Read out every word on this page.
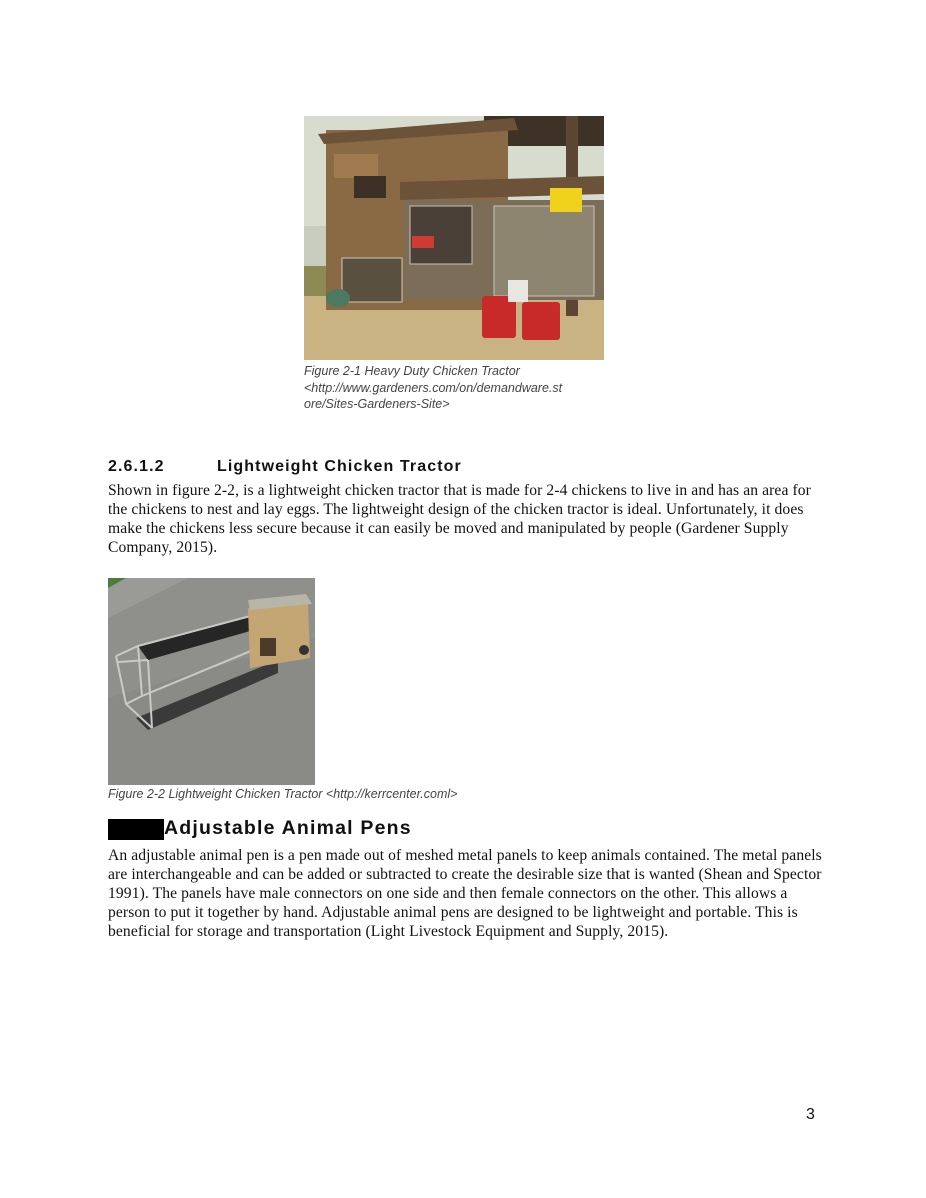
Figure 2-1 Heavy Duty Chicken Tractor
<http://www.gardeners.com/on/demandware.st
ore/Sites-Gardeners-Site>
2.6.1.2	Lightweight Chicken Tractor
Shown in figure 2-2, is a lightweight chicken tractor that is made for 2-4 chickens to live in and has an area for the chickens to nest and lay eggs. The lightweight design of the chicken tractor is ideal. Unfortunately, it does make the chickens less secure because it can easily be moved and manipulated by people (Gardener Supply Company, 2015).
Figure 2-2 Lightweight Chicken Tractor <http://kerrcenter.coml>
Adjustable Animal Pens
An adjustable animal pen is a pen made out of meshed metal panels to keep animals contained. The metal panels are interchangeable and can be added or subtracted to create the desirable size that is wanted (Shean and Spector 1991). The panels have male connectors on one side and then female connectors on the other. This allows a person to put it together by hand. Adjustable animal pens are designed to be lightweight and portable. This is beneficial for storage and transportation (Light Livestock Equipment and Supply, 2015).
3
